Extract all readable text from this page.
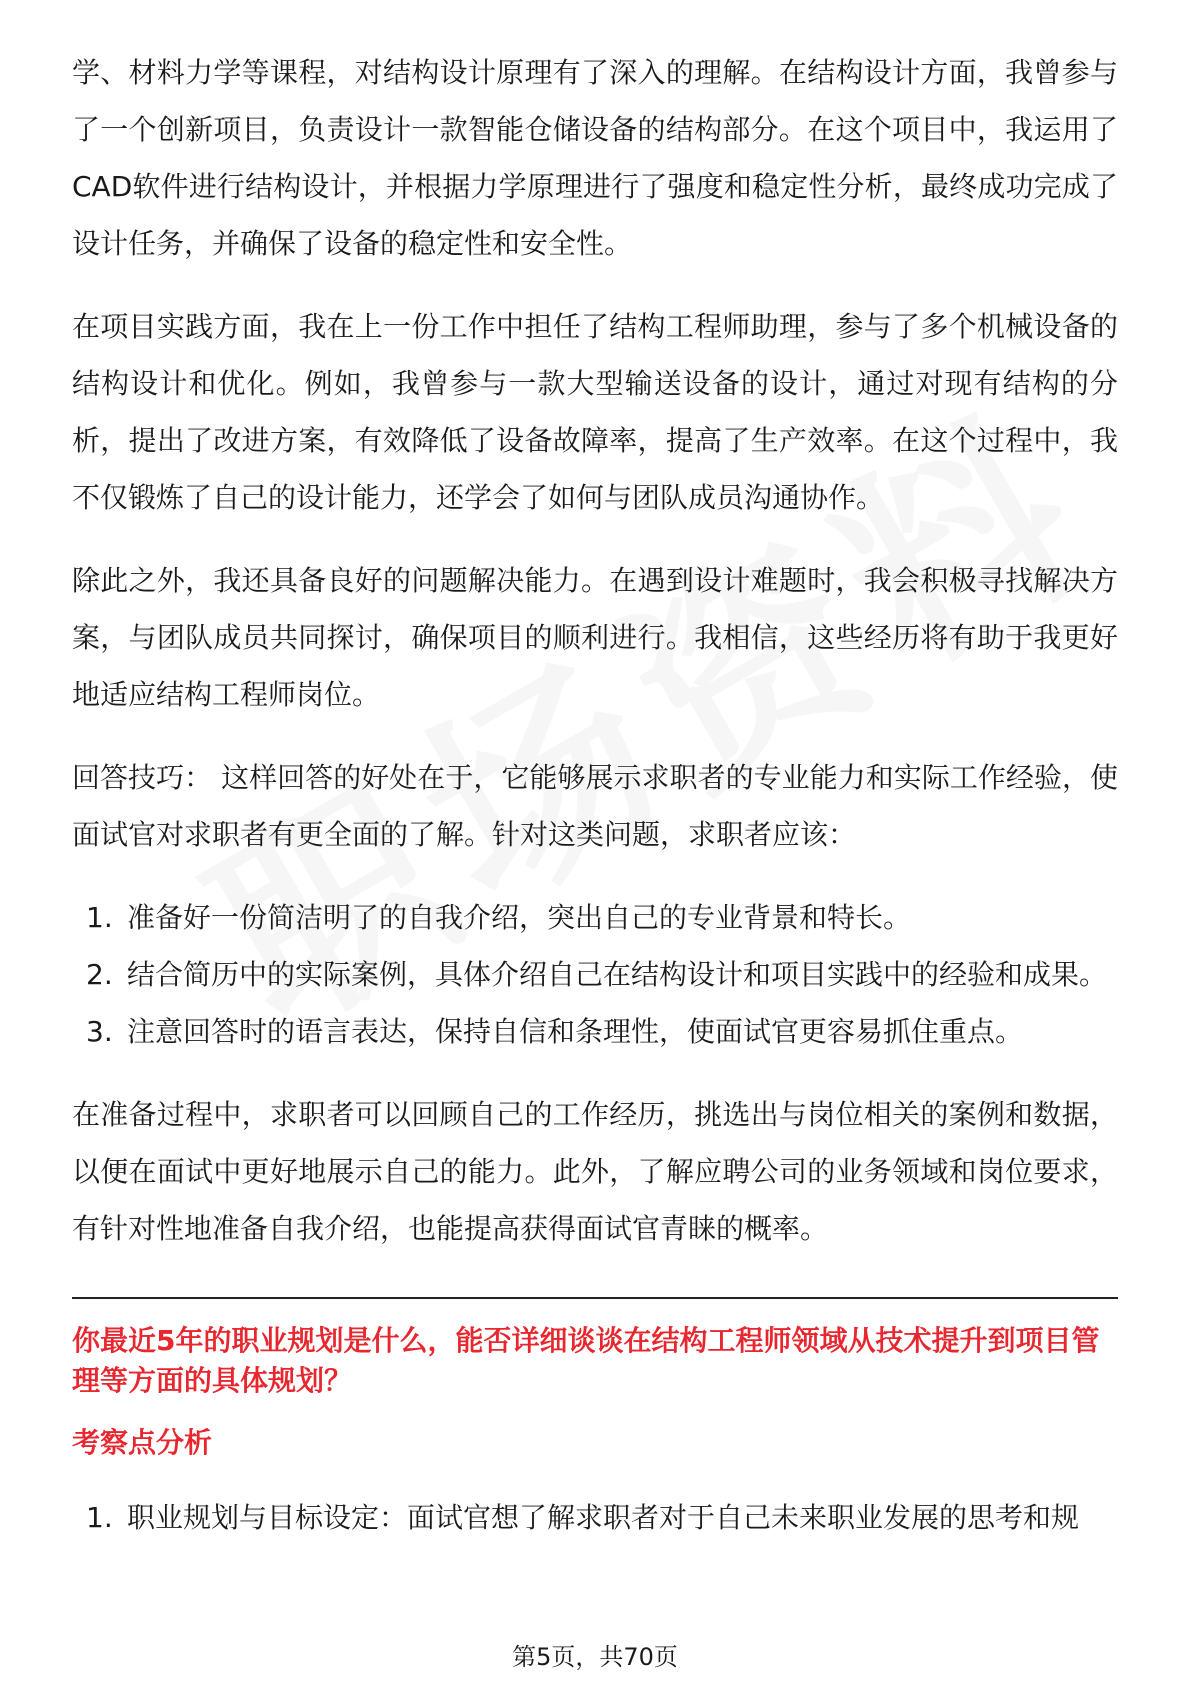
学、材料力学等课程，对结构设计原理有了深入的理解。在结构设计方面，我曾参与了一个创新项目，负责设计一款智能仓储设备的结构部分。在这个项目中，我运用了CAD软件进行结构设计，并根据力学原理进行了强度和稳定性分析，最终成功完成了设计任务，并确保了设备的稳定性和安全性。

在项目实践方面，我在上一份工作中担任了结构工程师助理，参与了多个机械设备的结构设计和优化。例如，我曾参与一款大型输送设备的设计，通过对现有结构的分析，提出了改进方案，有效降低了设备故障率，提高了生产效率。在这个过程中，我不仅锻炼了自己的设计能力，还学会了如何与团队成员沟通协作。

除此之外，我还具备良好的问题解决能力。在遇到设计难题时，我会积极寻找解决方案，与团队成员共同探讨，确保项目的顺利进行。我相信，这些经历将有助于我更好地适应结构工程师岗位。

回答技巧： 这样回答的好处在于，它能够展示求职者的专业能力和实际工作经验，使面试官对求职者有更全面的了解。针对这类问题，求职者应该：

1. 准备好一份简洁明了的自我介绍，突出自己的专业背景和特长。
2. 结合简历中的实际案例，具体介绍自己在结构设计和项目实践中的经验和成果。
3. 注意回答时的语言表达，保持自信和条理性，使面试官更容易抓住重点。

在准备过程中，求职者可以回顾自己的工作经历，挑选出与岗位相关的案例和数据，以便在面试中更好地展示自己的能力。此外，了解应聘公司的业务领域和岗位要求，有针对性地准备自我介绍，也能提高获得面试官青睐的概率。

你最近5年的职业规划是什么，能否详细谈谈在结构工程师领域从技术提升到项目管理等方面的具体规划？
考察点分析
1. 职业规划与目标设定：面试官想了解求职者对于自己未来职业发展的思考和规
第5页，共70页
